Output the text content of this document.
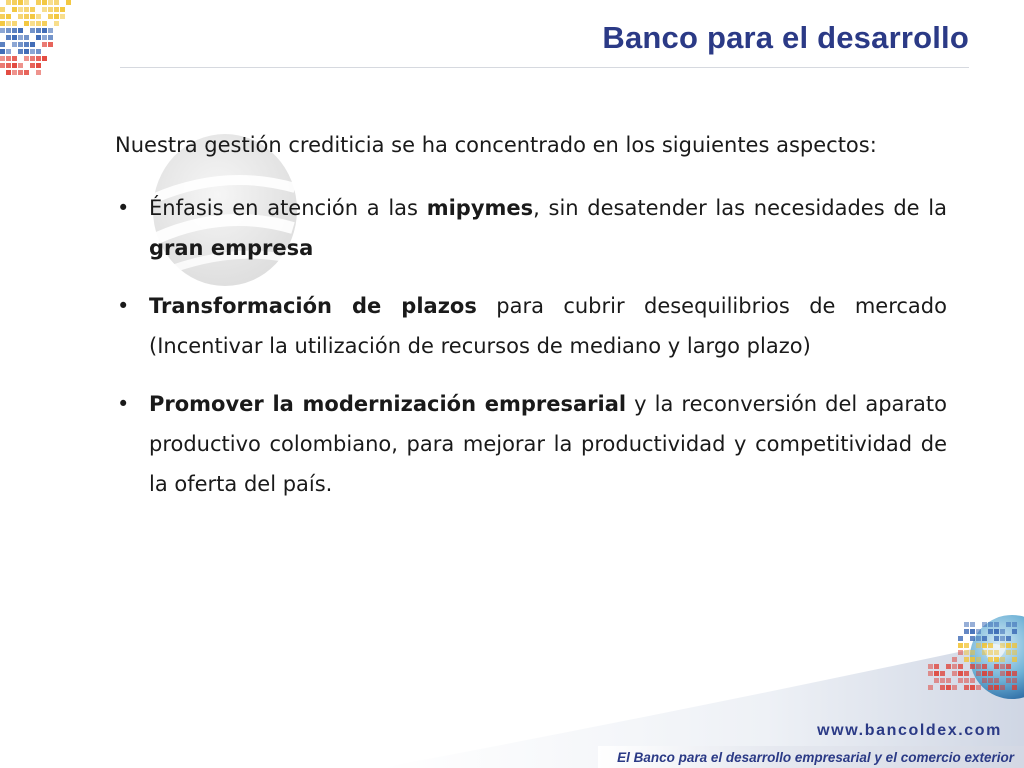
Banco para el desarrollo

Nuestra gestión crediticia se ha concentrado en los siguientes aspectos:

• Énfasis en atención a las mipymes, sin desatender las necesidades de la gran empresa
• Transformación de plazos para cubrir desequilibrios de mercado (Incentivar la utilización de recursos de mediano y largo plazo)
• Promover la modernización empresarial y la reconversión del aparato productivo colombiano, para mejorar la productividad y competitividad de la oferta del país.
www.bancoldex.com
El Banco para el desarrollo empresarial y el comercio exterior
